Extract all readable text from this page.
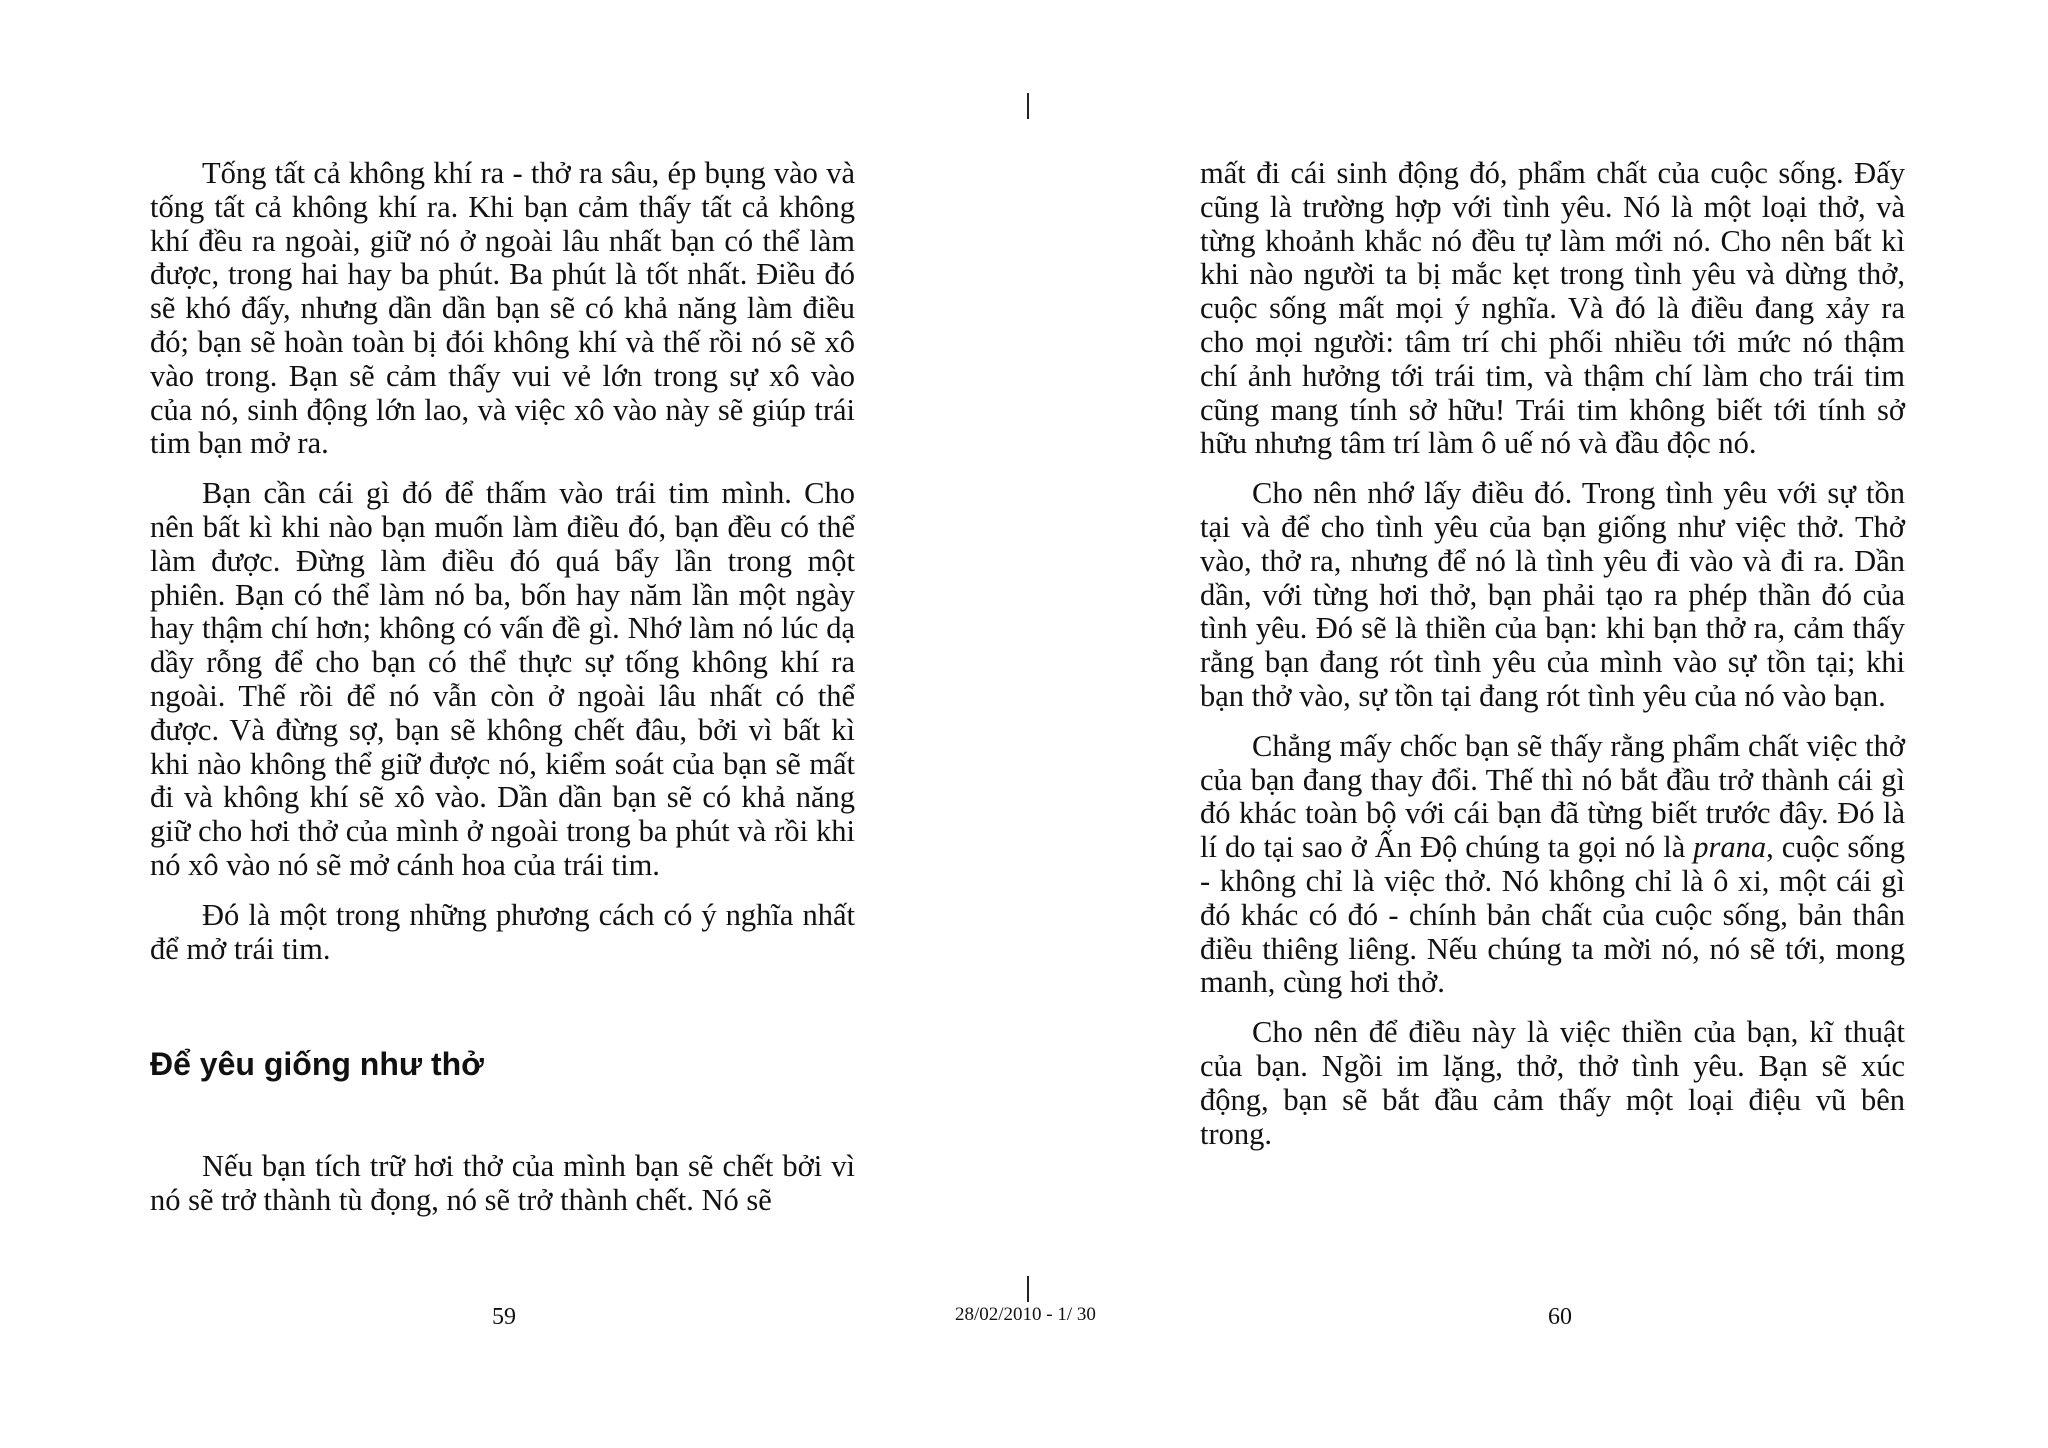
Tống tất cả không khí ra - thở ra sâu, ép bụng vào và tống tất cả không khí ra. Khi bạn cảm thấy tất cả không khí đều ra ngoài, giữ nó ở ngoài lâu nhất bạn có thể làm được, trong hai hay ba phút. Ba phút là tốt nhất. Điều đó sẽ khó đấy, nhưng dần dần bạn sẽ có khả năng làm điều đó; bạn sẽ hoàn toàn bị đói không khí và thế rồi nó sẽ xô vào trong. Bạn sẽ cảm thấy vui vẻ lớn trong sự xô vào của nó, sinh động lớn lao, và việc xô vào này sẽ giúp trái tim bạn mở ra.

Bạn cần cái gì đó để thấm vào trái tim mình. Cho nên bất kì khi nào bạn muốn làm điều đó, bạn đều có thể làm được. Đừng làm điều đó quá bẩy lần trong một phiên. Bạn có thể làm nó ba, bốn hay năm lần một ngày hay thậm chí hơn; không có vấn đề gì. Nhớ làm nó lúc dạ dầy rỗng để cho bạn có thể thực sự tống không khí ra ngoài. Thế rồi để nó vẫn còn ở ngoài lâu nhất có thể được. Và đừng sợ, bạn sẽ không chết đâu, bởi vì bất kì khi nào không thể giữ được nó, kiểm soát của bạn sẽ mất đi và không khí sẽ xô vào. Dần dần bạn sẽ có khả năng giữ cho hơi thở của mình ở ngoài trong ba phút và rồi khi nó xô vào nó sẽ mở cánh hoa của trái tim.

Đó là một trong những phương cách có ý nghĩa nhất để mở trái tim.

Để yêu giống như thở

Nếu bạn tích trữ hơi thở của mình bạn sẽ chết bởi vì nó sẽ trở thành tù đọng, nó sẽ trở thành chết. Nó sẽ

mất đi cái sinh động đó, phẩm chất của cuộc sống. Đấy cũng là trường hợp với tình yêu. Nó là một loại thở, và từng khoảnh khắc nó đều tự làm mới nó. Cho nên bất kì khi nào người ta bị mắc kẹt trong tình yêu và dừng thở, cuộc sống mất mọi ý nghĩa. Và đó là điều đang xảy ra cho mọi người: tâm trí chi phối nhiều tới mức nó thậm chí ảnh hưởng tới trái tim, và thậm chí làm cho trái tim cũng mang tính sở hữu! Trái tim không biết tới tính sở hữu nhưng tâm trí làm ô uế nó và đầu độc nó.

Cho nên nhớ lấy điều đó. Trong tình yêu với sự tồn tại và để cho tình yêu của bạn giống như việc thở. Thở vào, thở ra, nhưng để nó là tình yêu đi vào và đi ra. Dần dần, với từng hơi thở, bạn phải tạo ra phép thần đó của tình yêu. Đó sẽ là thiền của bạn: khi bạn thở ra, cảm thấy rằng bạn đang rót tình yêu của mình vào sự tồn tại; khi bạn thở vào, sự tồn tại đang rót tình yêu của nó vào bạn.

Chẳng mấy chốc bạn sẽ thấy rằng phẩm chất việc thở của bạn đang thay đổi. Thế thì nó bắt đầu trở thành cái gì đó khác toàn bộ với cái bạn đã từng biết trước đây. Đó là lí do tại sao ở Ấn Độ chúng ta gọi nó là prana, cuộc sống - không chỉ là việc thở. Nó không chỉ là ô xi, một cái gì đó khác có đó - chính bản chất của cuộc sống, bản thân điều thiêng liêng. Nếu chúng ta mời nó, nó sẽ tới, mong manh, cùng hơi thở.

Cho nên để điều này là việc thiền của bạn, kĩ thuật của bạn. Ngồi im lặng, thở, thở tình yêu. Bạn sẽ xúc động, bạn sẽ bắt đầu cảm thấy một loại điệu vũ bên trong.

59	28/02/2010 - 1/ 30	60
